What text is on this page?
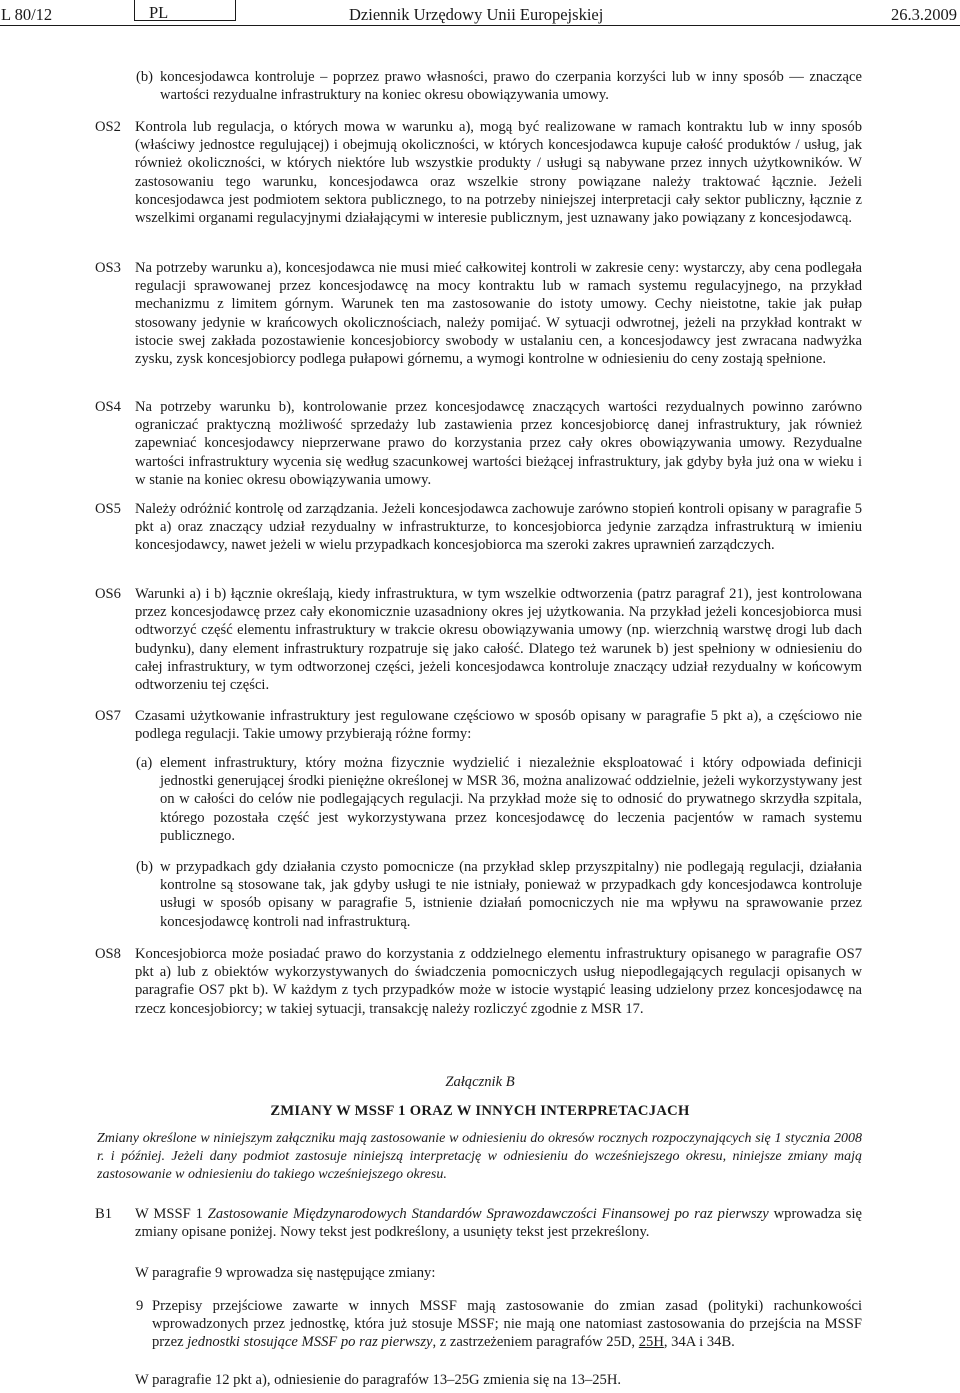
L 80/12	PL	Dziennik Urzędowy Unii Europejskiej	26.3.2009
(b) koncesjodawca kontroluje – poprzez prawo własności, prawo do czerpania korzyści lub w inny sposób — znaczące wartości rezydualne infrastruktury na koniec okresu obowiązywania umowy.
OS2 Kontrola lub regulacja, o których mowa w warunku a), mogą być realizowane w ramach kontraktu lub w inny sposób (właściwy jednostce regulującej) i obejmują okoliczności, w których koncesjodawca kupuje całość produktów / usług, jak również okoliczności, w których niektóre lub wszystkie produkty / usługi są nabywane przez innych użytkowników. W zastosowaniu tego warunku, koncesjodawca oraz wszelkie strony powiązane należy traktować łącznie. Jeżeli koncesjodawca jest podmiotem sektora publicznego, to na potrzeby niniejszej interpretacji cały sektor publiczny, łącznie z wszelkimi organami regulacyjnymi działającymi w interesie publicznym, jest uznawany jako powiązany z koncesjodawcą.
OS3 Na potrzeby warunku a), koncesjodawca nie musi mieć całkowitej kontroli w zakresie ceny: wystarczy, aby cena podlegała regulacji sprawowanej przez koncesjodawcę na mocy kontraktu lub w ramach systemu regulacyjnego, na przykład mechanizmu z limitem górnym. Warunek ten ma zastosowanie do istoty umowy. Cechy nieistotne, takie jak pułap stosowany jedynie w krańcowych okolicznościach, należy pomijać. W sytuacji odwrotnej, jeżeli na przykład kontrakt w istocie swej zakłada pozostawienie koncesjobiorcy swobody w ustalaniu cen, a koncesjodawcy jest zwracana nadwyżka zysku, zysk koncesjobiorcy podlega pułapowi górnemu, a wymogi kontrolne w odniesieniu do ceny zostają spełnione.
OS4 Na potrzeby warunku b), kontrolowanie przez koncesjodawcę znaczących wartości rezydualnych powinno zarówno ograniczać praktyczną możliwość sprzedaży lub zastawienia przez koncesjobiorcę danej infrastruktury, jak również zapewniać koncesjodawcy nieprzerwane prawo do korzystania przez cały okres obowiązywania umowy. Rezydualne wartości infrastruktury wycenia się według szacunkowej wartości bieżącej infrastruktury, jak gdyby była już ona w wieku i w stanie na koniec okresu obowiązywania umowy.
OS5 Należy odróżnić kontrolę od zarządzania. Jeżeli koncesjodawca zachowuje zarówno stopień kontroli opisany w paragrafie 5 pkt a) oraz znaczący udział rezydualny w infrastrukturze, to koncesjobiorca jedynie zarządza infrastrukturą w imieniu koncesjodawcy, nawet jeżeli w wielu przypadkach koncesjobiorca ma szeroki zakres uprawnień zarządczych.
OS6 Warunki a) i b) łącznie określają, kiedy infrastruktura, w tym wszelkie odtworzenia (patrz paragraf 21), jest kontrolowana przez koncesjodawcę przez cały ekonomicznie uzasadniony okres jej użytkowania. Na przykład jeżeli koncesjobiorca musi odtworzyć część elementu infrastruktury w trakcie okresu obowiązywania umowy (np. wierzchnią warstwę drogi lub dach budynku), dany element infrastruktury rozpatruje się jako całość. Dlatego też warunek b) jest spełniony w odniesieniu do całej infrastruktury, w tym odtworzonej części, jeżeli koncesjodawca kontroluje znaczący udział rezydualny w końcowym odtworzeniu tej części.
OS7 Czasami użytkowanie infrastruktury jest regulowane częściowo w sposób opisany w paragrafie 5 pkt a), a częściowo nie podlega regulacji. Takie umowy przybierają różne formy:
(a) element infrastruktury, który można fizycznie wydzielić i niezależnie eksploatować i który odpowiada definicji jednostki generującej środki pieniężne określonej w MSR 36, można analizować oddzielnie, jeżeli wykorzystywany jest on w całości do celów nie podlegających regulacji. Na przykład może się to odnosić do prywatnego skrzydła szpitala, którego pozostała część jest wykorzystywana przez koncesjodawcę do leczenia pacjentów w ramach systemu publicznego.
(b) w przypadkach gdy działania czysto pomocnicze (na przykład sklep przyszpitalny) nie podlegają regulacji, działania kontrolne są stosowane tak, jak gdyby usługi te nie istniały, ponieważ w przypadkach gdy koncesjodawca kontroluje usługi w sposób opisany w paragrafie 5, istnienie działań pomocniczych nie ma wpływu na sprawowanie przez koncesjodawcę kontroli nad infrastrukturą.
OS8 Koncesjobiorca może posiadać prawo do korzystania z oddzielnego elementu infrastruktury opisanego w paragrafie OS7 pkt a) lub z obiektów wykorzystywanych do świadczenia pomocniczych usług niepodlegających regulacji opisanych w paragrafie OS7 pkt b). W każdym z tych przypadków może w istocie wystąpić leasing udzielony przez koncesjodawcę na rzecz koncesjobiorcy; w takiej sytuacji, transakcję należy rozliczyć zgodnie z MSR 17.
Załącznik B
ZMIANY W MSSF 1 ORAZ W INNYCH INTERPRETACJACH
Zmiany określone w niniejszym załączniku mają zastosowanie w odniesieniu do okresów rocznych rozpoczynających się 1 stycznia 2008 r. i później. Jeżeli dany podmiot zastosuje niniejszą interpretację w odniesieniu do wcześniejszego okresu, niniejsze zmiany mają zastosowanie w odniesieniu do takiego wcześniejszego okresu.
B1 W MSSF 1 Zastosowanie Międzynarodowych Standardów Sprawozdawczości Finansowej po raz pierwszy wprowadza się zmiany opisane poniżej. Nowy tekst jest podkreślony, a usunięty tekst jest przekreślony.
W paragrafie 9 wprowadza się następujące zmiany:
9 Przepisy przejściowe zawarte w innych MSSF mają zastosowanie do zmian zasad (polityki) rachunkowości wprowadzonych przez jednostkę, która już stosuje MSSF; nie mają one natomiast zastosowania do przejścia na MSSF przez jednostki stosujące MSSF po raz pierwszy, z zastrzeżeniem paragrafów 25D, 25H, 34A i 34B.
W paragrafie 12 pkt a), odniesienie do paragrafów 13–25G zmienia się na 13–25H.
